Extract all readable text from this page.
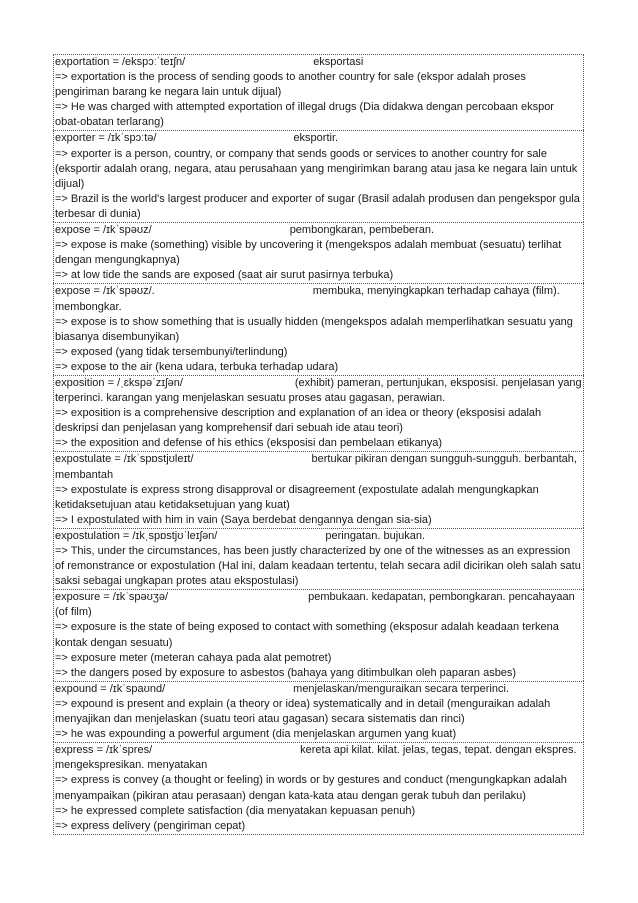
exportation = /ekspɔːˈteɪʃn/	eksportasi
=> exportation is the process of sending goods to another country for sale (ekspor adalah proses pengiriman barang ke negara lain untuk dijual)
=> He was charged with attempted exportation of illegal drugs (Dia didakwa dengan percobaan ekspor obat-obatan terlarang)
exporter = /ɪkˈspɔːtə/	eksportir.
=> exporter is a person, country, or company that sends goods or services to another country for sale (eksportir adalah orang, negara, atau perusahaan yang mengirimkan barang atau jasa ke negara lain untuk dijual)
=> Brazil is the world's largest producer and exporter of sugar (Brasil adalah produsen dan pengekspor gula terbesar di dunia)
expose = /ɪkˈspəʊz/	pembongkaran, pembeberan.
=> expose is make (something) visible by uncovering it (mengekspos adalah membuat (sesuatu) terlihat dengan mengungkapnya)
=> at low tide the sands are exposed (saat air surut pasirnya terbuka)
expose = /ɪkˈspəʊz/.	membuka, menyingkapkan terhadap cahaya (film). membongkar.
=> expose is to show something that is usually hidden (mengekspos adalah memperlihatkan sesuatu yang biasanya disembunyikan)
=> exposed (yang tidak tersembunyi/terlindung)
=> expose to the air (kena udara, terbuka terhadap udara)
exposition = /ˌɛkspəˈzɪʃən/	(exhibit) pameran, pertunjukan, eksposisi. penjelasan yang terperinci. karangan yang menjelaskan sesuatu proses atau gagasan, perawian.
=> exposition is a comprehensive description and explanation of an idea or theory (eksposisi adalah deskripsi dan penjelasan yang komprehensif dari sebuah ide atau teori)
=> the exposition and defense of his ethics (eksposisi dan pembelaan etikanya)
expostulate = /ɪkˈspɒstjʊleɪt/	bertukar pikiran dengan sungguh-sungguh. berbantah, membantah
=> expostulate is express strong disapproval or disagreement (expostulate adalah mengungkapkan ketidaksetujuan atau ketidaksetujuan yang kuat)
=> I expostulated with him in vain (Saya berdebat dengannya dengan sia-sia)
expostulation = /ɪkˌspɒstjʊˈleɪʃən/	peringatan. bujukan.
=> This, under the circumstances, has been justly characterized by one of the witnesses as an expression of remonstrance or expostulation (Hal ini, dalam keadaan tertentu, telah secara adil dicirikan oleh salah satu saksi sebagai ungkapan protes atau ekspostulasi)
exposure = /ɪkˈspəʊʒə/	pembukaan. kedapatan, pembongkaran. pencahayaan (of film)
=> exposure is the state of being exposed to contact with something (eksposur adalah keadaan terkena kontak dengan sesuatu)
=> exposure meter (meteran cahaya pada alat pemotret)
=> the dangers posed by exposure to asbestos (bahaya yang ditimbulkan oleh paparan asbes)
expound = /ɪkˈspaʊnd/	menjelaskan/menguraikan secara terperinci.
=> expound is present and explain (a theory or idea) systematically and in detail (menguraikan adalah menyajikan dan menjelaskan (suatu teori atau gagasan) secara sistematis dan rinci)
=> he was expounding a powerful argument (dia menjelaskan argumen yang kuat)
express = /ɪkˈspres/	kereta api kilat. kilat. jelas, tegas, tepat. dengan ekspres. mengekspresikan. menyatakan
=> express is convey (a thought or feeling) in words or by gestures and conduct (mengungkapkan adalah menyampaikan (pikiran atau perasaan) dengan kata-kata atau dengan gerak tubuh dan perilaku)
=> he expressed complete satisfaction (dia menyatakan kepuasan penuh)
=> express delivery (pengiriman cepat)
